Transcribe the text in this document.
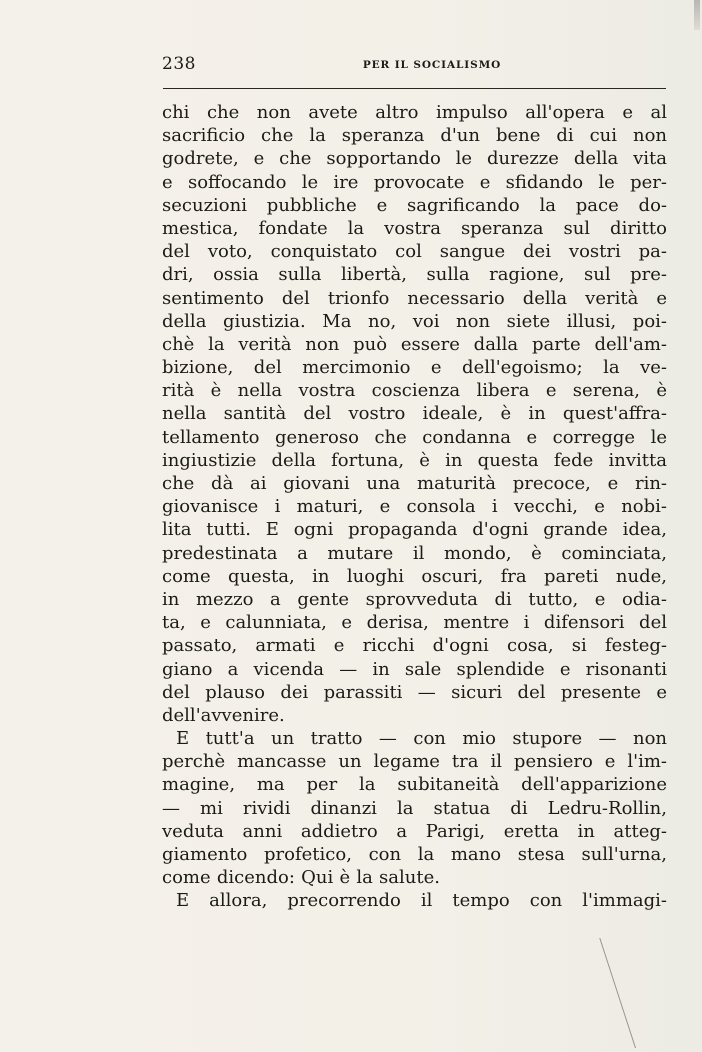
238	PER IL SOCIALISMO
chi che non avete altro impulso all'opera e al
sacrificio che la speranza d'un bene di cui non
godrete, e che sopportando le durezze della vita
e soffocando le ire provocate e sfidando le per-
secuzioni pubbliche e sagrificando la pace do-
mestica, fondate la vostra speranza sul diritto
del voto, conquistato col sangue dei vostri pa-
dri, ossia sulla libertà, sulla ragione, sul pre-
sentimento del trionfo necessario della verità e
della giustizia. Ma no, voi non siete illusi, poi-
chè la verità non può essere dalla parte dell'am-
bizione, del mercimonio e dell'egoismo; la ve-
rità è nella vostra coscienza libera e serena, è
nella santità del vostro ideale, è in quest'affra-
tellamento generoso che condanna e corregge le
ingiustizie della fortuna, è in questa fede invitta
che dà ai giovani una maturità precoce, e rin-
giovanisce i maturi, e consola i vecchi, e nobi-
lita tutti. E ogni propaganda d'ogni grande idea,
predestinata a mutare il mondo, è cominciata,
come questa, in luoghi oscuri, fra pareti nude,
in mezzo a gente sprovveduta di tutto, e odia-
ta, e calunniata, e derisa, mentre i difensori del
passato, armati e ricchi d'ogni cosa, si festeg-
giano a vicenda — in sale splendide e risonanti
del plauso dei parassiti — sicuri del presente e
dell'avvenire.
E tutt'a un tratto — con mio stupore — non
perchè mancasse un legame tra il pensiero e l'im-
magine, ma per la subitaneità dell'apparizione
— mi rividi dinanzi la statua di Ledru-Rollin,
veduta anni addietro a Parigi, eretta in atteg-
giamento profetico, con la mano stesa sull'urna,
come dicendo: Qui è la salute.
E allora, precorrendo il tempo con l'immagi-
